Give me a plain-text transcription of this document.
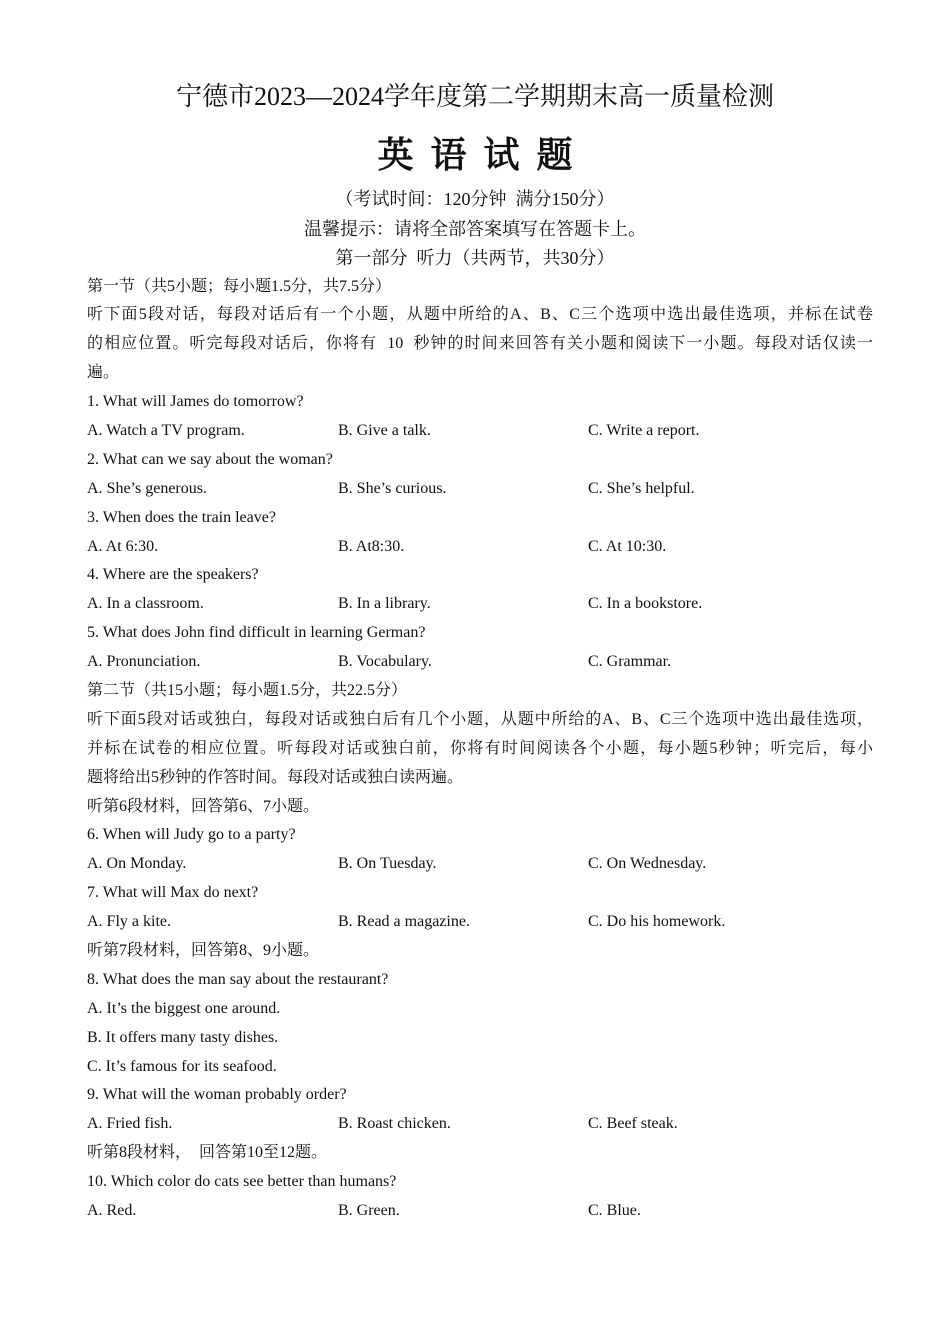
宁德市2023—2024学年度第二学期期末高一质量检测
英 语 试 题
（考试时间：120分钟  满分150分）
温馨提示：请将全部答案填写在答题卡上。
第一部分  听力（共两节，共30分）
第一节（共5小题；每小题1.5分，共7.5分）
听下面5段对话，每段对话后有一个小题，从题中所给的A、B、C三个选项中选出最佳选项，并标在试卷
的相应位置。听完每段对话后，你将有  10  秒钟的时间来回答有关小题和阅读下一小题。每段对话仅读一
遍。
1. What will James do tomorrow?
A. Watch a TV program.	B. Give a talk.	C. Write a report.
2. What can we say about the woman?
A. She’s generous.	B. She’s curious.	C. She’s helpful.
3. When does the train leave?
A. At 6:30.	B. At8:30.	C. At 10:30.
4. Where are the speakers?
A. In a classroom.	B. In a library.	C. In a bookstore.
5. What does John find difficult in learning German?
A. Pronunciation.	B. Vocabulary.	C. Grammar.
第二节（共15小题；每小题1.5分，共22.5分）
听下面5段对话或独白，每段对话或独白后有几个小题，从题中所给的A、B、C三个选项中选出最佳选项，
并标在试卷的相应位置。听每段对话或独白前，你将有时间阅读各个小题，每小题5秒钟；听完后，每小
题将给出5秒钟的作答时间。每段对话或独白读两遍。
听第6段材料，回答第6、7小题。
6. When will Judy go to a party?
A. On Monday.	B. On Tuesday.	C. On Wednesday.
7. What will Max do next?
A. Fly a kite.	B. Read a magazine.	C. Do his homework.
听第7段材料，回答第8、9小题。
8. What does the man say about the restaurant?
A. It’s the biggest one around.
B. It offers many tasty dishes.
C. It’s famous for its seafood.
9. What will the woman probably order?
A. Fried fish.	B. Roast chicken.	C. Beef steak.
听第8段材料，  回答第10至12题。
10. Which color do cats see better than humans?
A. Red.	B. Green.	C. Blue.
